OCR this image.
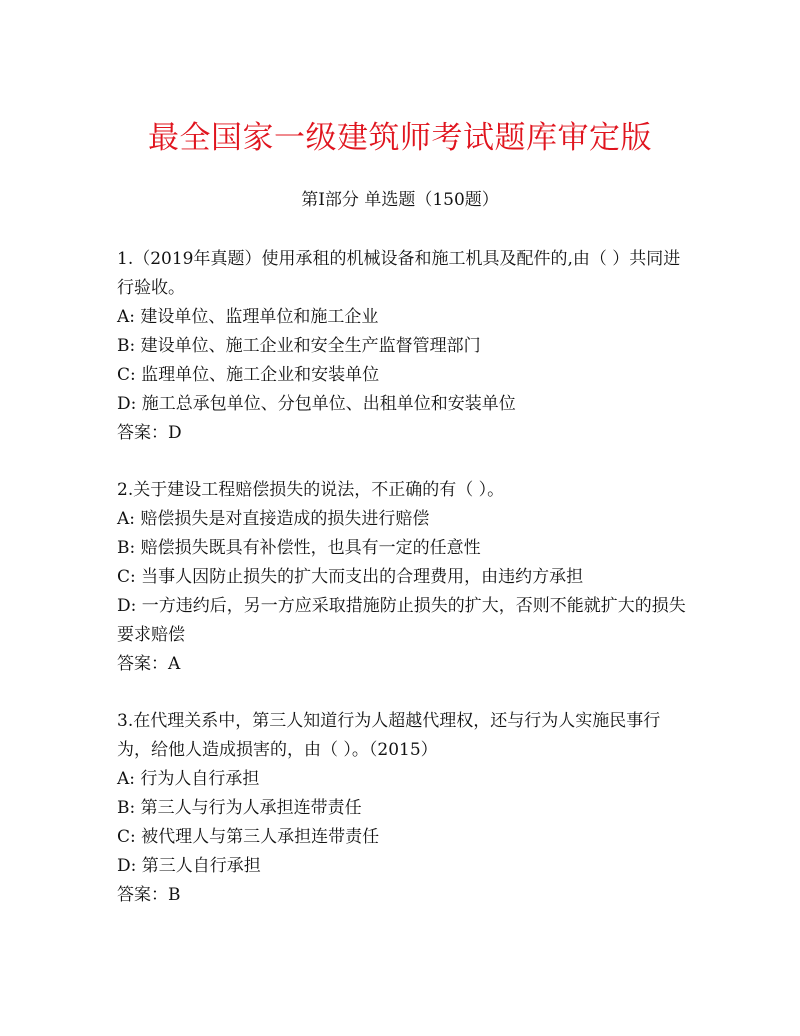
最全国家一级建筑师考试题库审定版
第I部分 单选题（150题）
1.（2019年真题）使用承租的机械设备和施工机具及配件的,由（ ）共同进行验收。
A: 建设单位、监理单位和施工企业
B: 建设单位、施工企业和安全生产监督管理部门
C: 监理单位、施工企业和安装单位
D: 施工总承包单位、分包单位、出租单位和安装单位
答案：D
2.关于建设工程赔偿损失的说法，不正确的有（ ）。
A: 赔偿损失是对直接造成的损失进行赔偿
B: 赔偿损失既具有补偿性，也具有一定的任意性
C: 当事人因防止损失的扩大而支出的合理费用，由违约方承担
D: 一方违约后，另一方应采取措施防止损失的扩大，否则不能就扩大的损失要求赔偿
答案：A
3.在代理关系中，第三人知道行为人超越代理权，还与行为人实施民事行为，给他人造成损害的，由（ ）。（2015）
A: 行为人自行承担
B: 第三人与行为人承担连带责任
C: 被代理人与第三人承担连带责任
D: 第三人自行承担
答案：B
